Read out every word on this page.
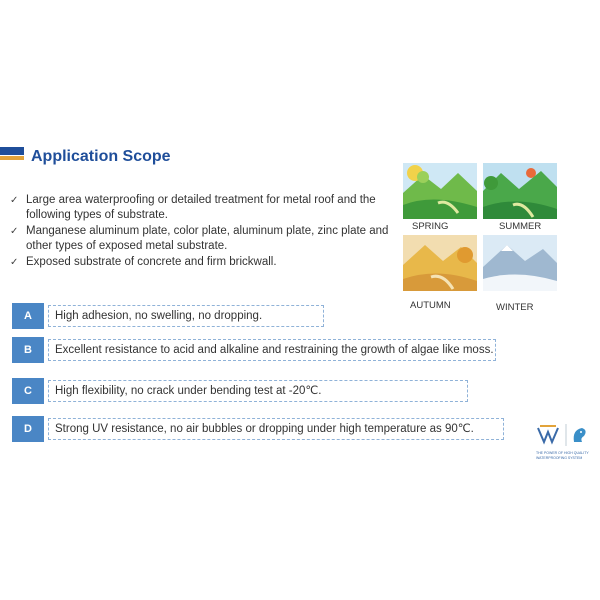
Application Scope
✓ Large area waterproofing or detailed treatment for metal roof and the following types of substrate.
✓ Manganese aluminum plate, color plate, aluminum plate, zinc plate and other types of exposed metal substrate.
✓ Exposed substrate of concrete and firm brickwall.
A	High adhesion, no swelling, no dropping.
B	Excellent resistance to acid and alkaline and restraining the growth of algae like moss.
C	High flexibility, no crack under bending test at -20℃.
D	Strong UV resistance, no air bubbles or dropping under high temperature as 90℃.
SPRING	SUMMER
AUTUMN	WINTER
THE POWER OF HIGH QUALITY
WATERPROOFING SYSTEM
